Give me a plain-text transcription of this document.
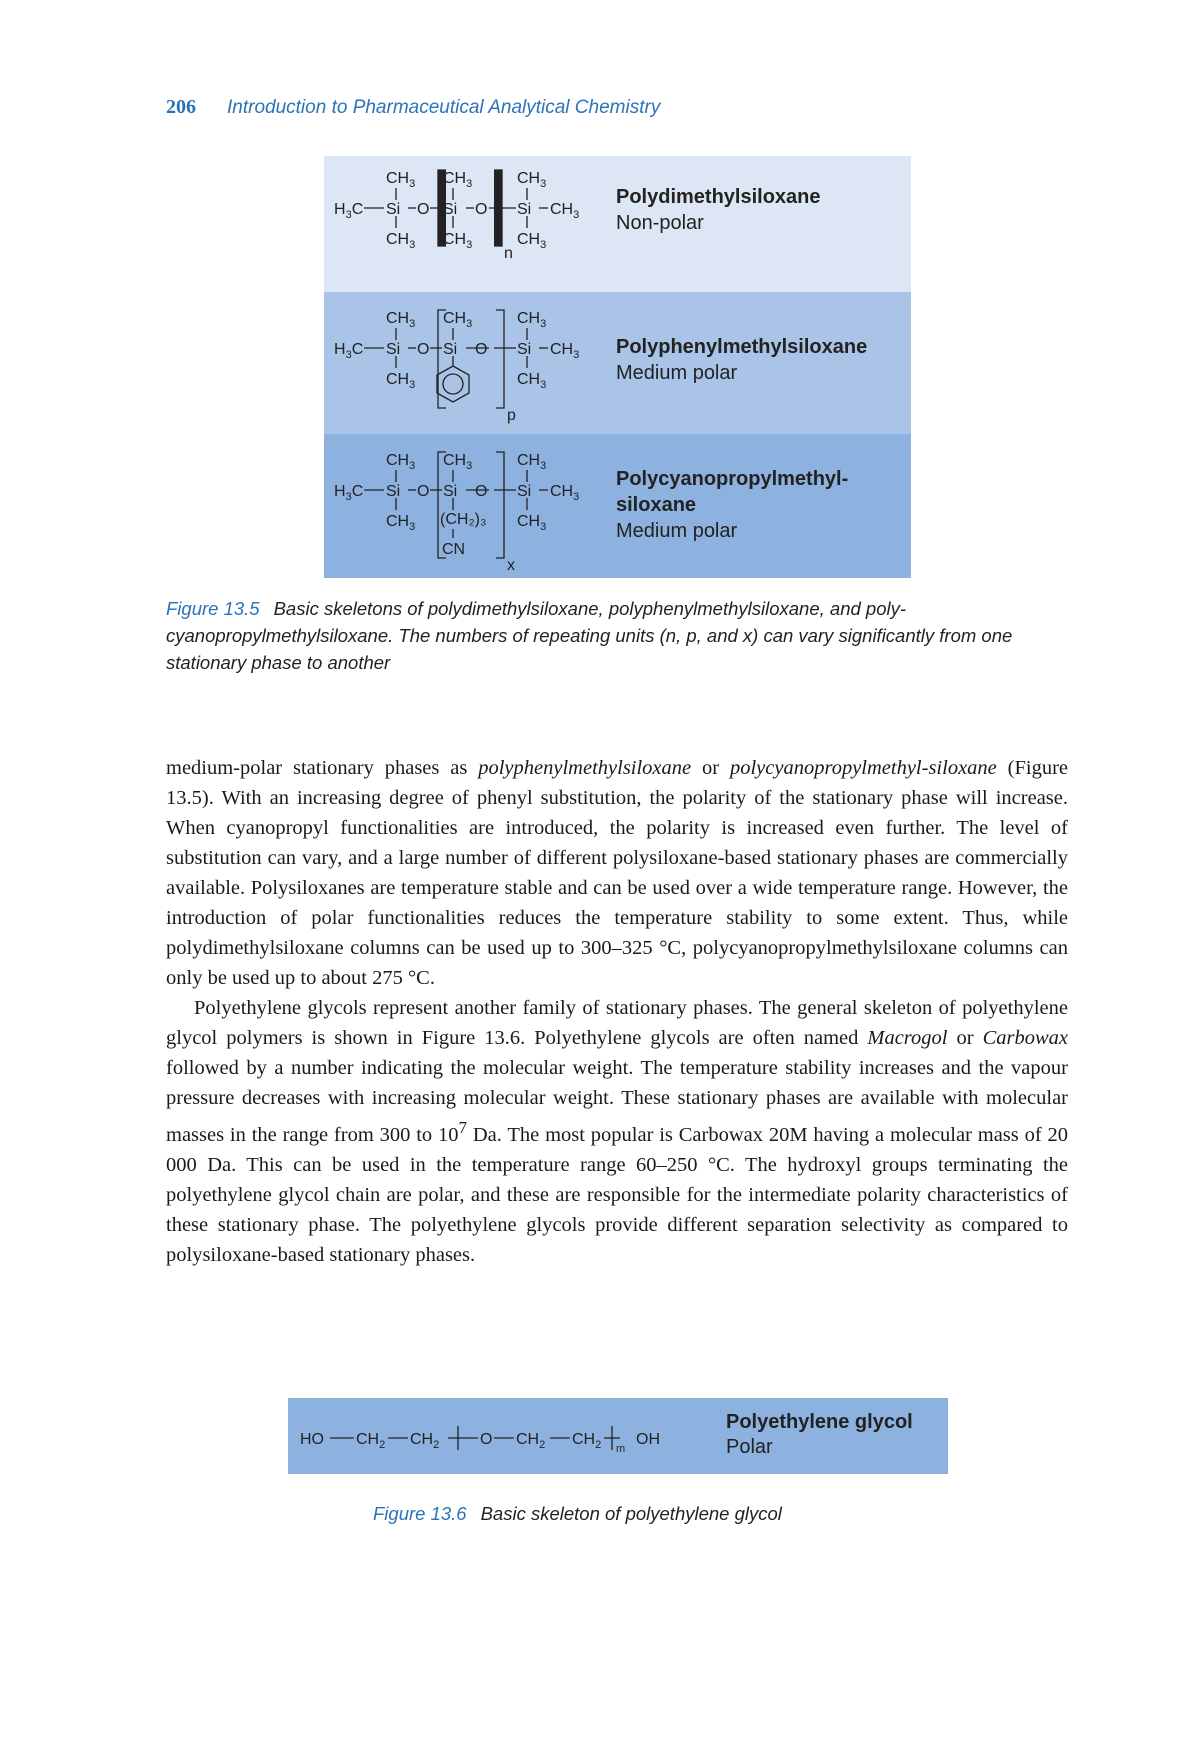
206 Introduction to Pharmaceutical Analytical Chemistry
$CH_3$ $CH_3$	$CH_3$
$H_3C$ Si O Si O Si $CH_3$
$CH_3$ $CH_3$	$CH_3$
n
Polydimethylsiloxane
Non-polar
$CH_3$ $CH_3$	$CH_3$
$H_3C$ Si O Si O Si $CH_3$
$CH_3$	$CH_3$
p
Polyphenylmethylsiloxane
Medium polar
$CH_3$ $CH_3$	$CH_3$
$H_3C$ Si O Si O Si $CH_3$
$CH_3$ (CH₂)₃ $CH_3$
CN
x
Polycyanopropylmethyl-
siloxane
Medium polar
Figure 13.5 Basic skeletons of polydimethylsiloxane, polyphenylmethylsiloxane, and poly-cyanopropylmethylsiloxane. The numbers of repeating units (n, p, and x) can vary significantly from one stationary phase to another

medium-polar stationary phases as polyphenylmethylsiloxane or polycyanopropylmethyl-siloxane (Figure 13.5). With an increasing degree of phenyl substitution, the polarity of the stationary phase will increase. When cyanopropyl functionalities are introduced, the polarity is increased even further. The level of substitution can vary, and a large number of different polysiloxane-based stationary phases are commercially available. Polysiloxanes are temperature stable and can be used over a wide temperature range. However, the introduction of polar functionalities reduces the temperature stability to some extent. Thus, while polydimethylsiloxane columns can be used up to 300–325 °C, polycyanopropylmethylsiloxane columns can only be used up to about 275 °C.

Polyethylene glycols represent another family of stationary phases. The general skeleton of polyethylene glycol polymers is shown in Figure 13.6. Polyethylene glycols are often named Macrogol or Carbowax followed by a number indicating the molecular weight. The temperature stability increases and the vapour pressure decreases with increasing molecular weight. These stationary phases are available with molecular masses in the range from 300 to $10^7$ Da. The most popular is Carbowax 20M having a molecular mass of 20 000 Da. This can be used in the temperature range 60–250 °C. The hydroxyl groups terminating the polyethylene glycol chain are polar, and these are responsible for the intermediate polarity characteristics of these stationary phase. The polyethylene glycols provide different separation selectivity as compared to polysiloxane-based stationary phases.

HO $CH_2$ $CH_2$	O $CH_2$ $CH_2$ m
OH
Polyethylene glycol
Polar
Figure 13.6 Basic skeleton of polyethylene glycol
